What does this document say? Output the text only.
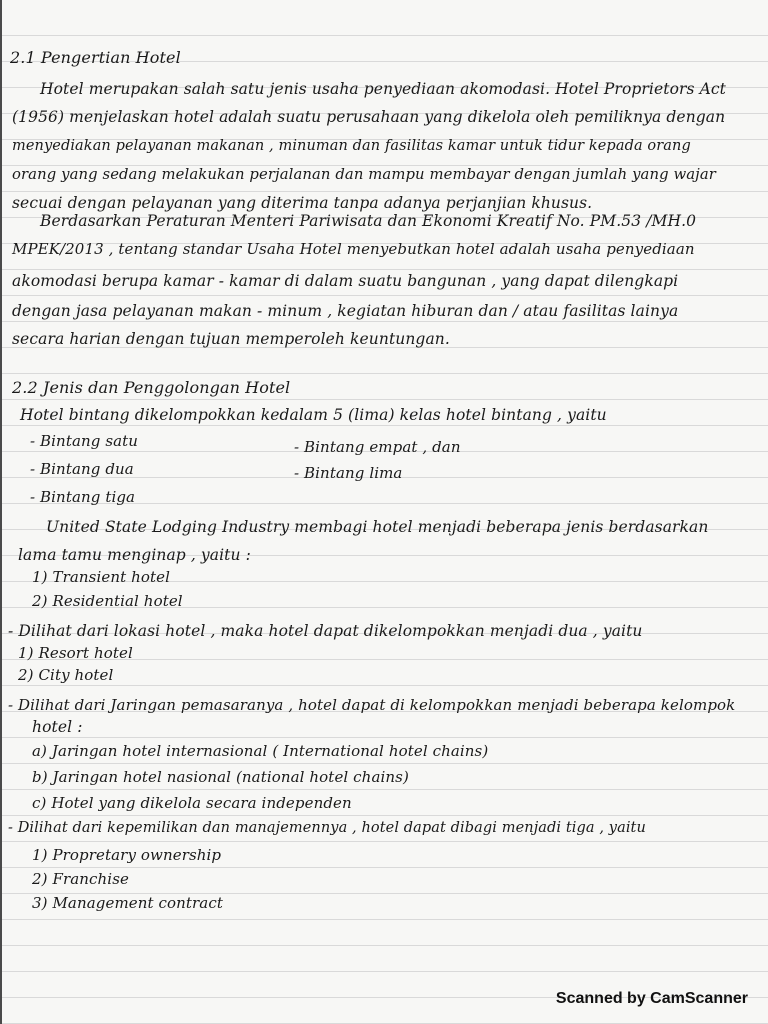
2.1 Pengertian Hotel
Hotel merupakan salah satu jenis usaha penyediaan akomodasi. Hotel Proprietors Act
(1956) menjelaskan hotel adalah suatu perusahaan yang dikelola oleh pemiliknya dengan
menyediakan pelayanan makanan , minuman dan fasilitas kamar untuk tidur kepada orang
orang yang sedang melakukan perjalanan dan mampu membayar dengan jumlah yang wajar
secuai dengan pelayanan yang diterima tanpa adanya perjanjian khusus.
Berdasarkan Peraturan Menteri Pariwisata dan Ekonomi Kreatif No. PM.53 /MH.0
MPEK/2013 , tentang standar Usaha Hotel menyebutkan hotel adalah usaha penyediaan
akomodasi berupa kamar - kamar di dalam suatu bangunan , yang dapat dilengkapi
dengan jasa pelayanan makan - minum , kegiatan hiburan dan / atau fasilitas lainya
secara harian dengan tujuan memperoleh keuntungan.
2.2 Jenis dan Penggolongan Hotel
Hotel bintang dikelompokkan kedalam 5 (lima) kelas hotel bintang , yaitu
- Bintang satu
- Bintang dua
- Bintang tiga
- Bintang empat , dan
- Bintang lima
United State Lodging Industry membagi hotel menjadi beberapa jenis berdasarkan
lama tamu menginap , yaitu :
1) Transient hotel
2) Residential hotel
- Dilihat dari lokasi hotel , maka hotel dapat dikelompokkan menjadi dua , yaitu
1) Resort hotel
2) City hotel
- Dilihat dari Jaringan pemasaranya , hotel dapat di kelompokkan menjadi beberapa kelompok
hotel :
a) Jaringan hotel internasional ( International hotel chains)
b) Jaringan hotel nasional (national hotel chains)
c) Hotel yang dikelola secara independen
- Dilihat dari kepemilikan dan manajemennya , hotel dapat dibagi menjadi tiga , yaitu
1) Propretary ownership
2) Franchise
3) Management contract
Scanned by CamScanner
